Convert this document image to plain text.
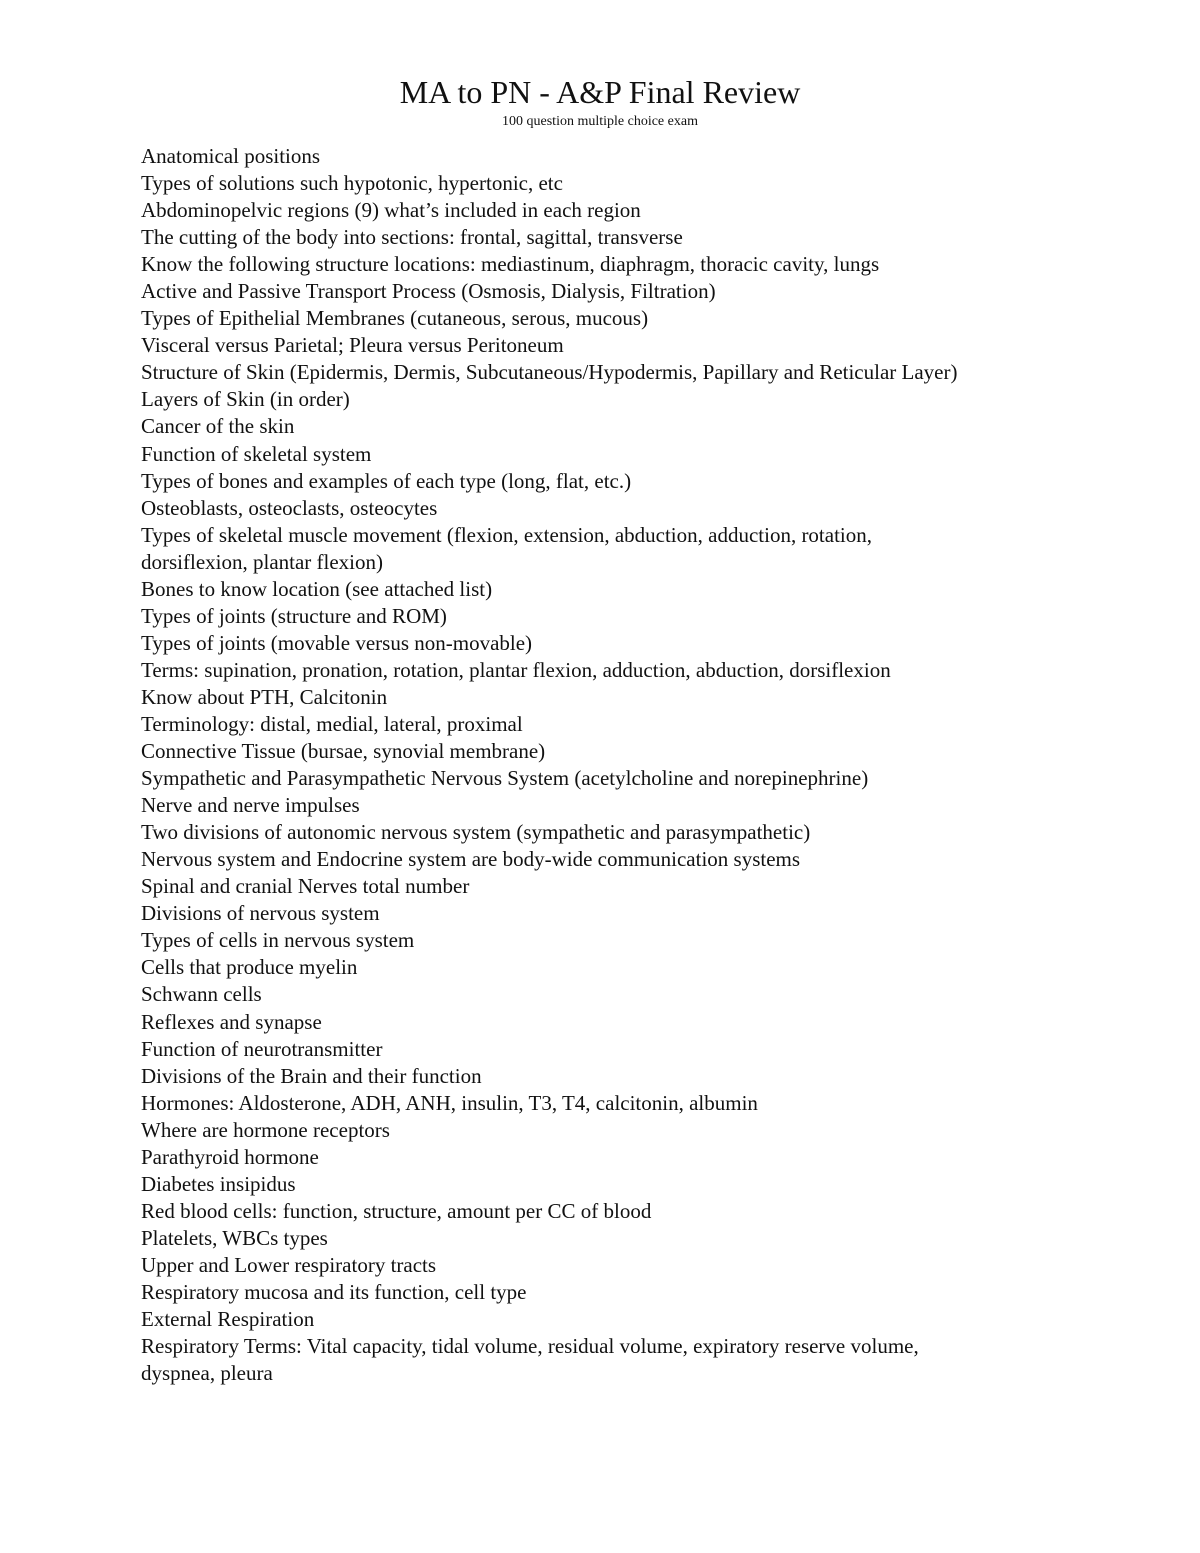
MA to PN - A&P Final Review

100 question multiple choice exam

Anatomical positions
Types of solutions such hypotonic, hypertonic, etc
Abdominopelvic regions (9) what’s included in each region
The cutting of the body into sections: frontal, sagittal, transverse
Know the following structure locations: mediastinum, diaphragm, thoracic cavity, lungs
Active and Passive Transport Process (Osmosis, Dialysis, Filtration)
Types of Epithelial Membranes (cutaneous, serous, mucous)
Visceral versus Parietal; Pleura versus Peritoneum
Structure of Skin (Epidermis, Dermis, Subcutaneous/Hypodermis, Papillary and Reticular Layer)
Layers of Skin (in order)
Cancer of the skin
Function of skeletal system
Types of bones and examples of each type (long, flat, etc.)
Osteoblasts, osteoclasts, osteocytes
Types of skeletal muscle movement (flexion, extension, abduction, adduction, rotation,
dorsiflexion, plantar flexion)
Bones to know location (see attached list)
Types of joints (structure and ROM)
Types of joints (movable versus non-movable)
Terms: supination, pronation, rotation, plantar flexion, adduction, abduction, dorsiflexion
Know about PTH, Calcitonin
Terminology: distal, medial, lateral, proximal
Connective Tissue (bursae, synovial membrane)
Sympathetic and Parasympathetic Nervous System (acetylcholine and norepinephrine)
Nerve and nerve impulses
Two divisions of autonomic nervous system (sympathetic and parasympathetic)
Nervous system and Endocrine system are body-wide communication systems
Spinal and cranial Nerves total number
Divisions of nervous system
Types of cells in nervous system
Cells that produce myelin
Schwann cells
Reflexes and synapse
Function of neurotransmitter
Divisions of the Brain and their function
Hormones: Aldosterone, ADH, ANH, insulin, T3, T4, calcitonin, albumin
Where are hormone receptors
Parathyroid hormone
Diabetes insipidus
Red blood cells: function, structure, amount per CC of blood
Platelets, WBCs types
Upper and Lower respiratory tracts
Respiratory mucosa and its function, cell type
External Respiration
Respiratory Terms: Vital capacity, tidal volume, residual volume, expiratory reserve volume,
dyspnea, pleura
